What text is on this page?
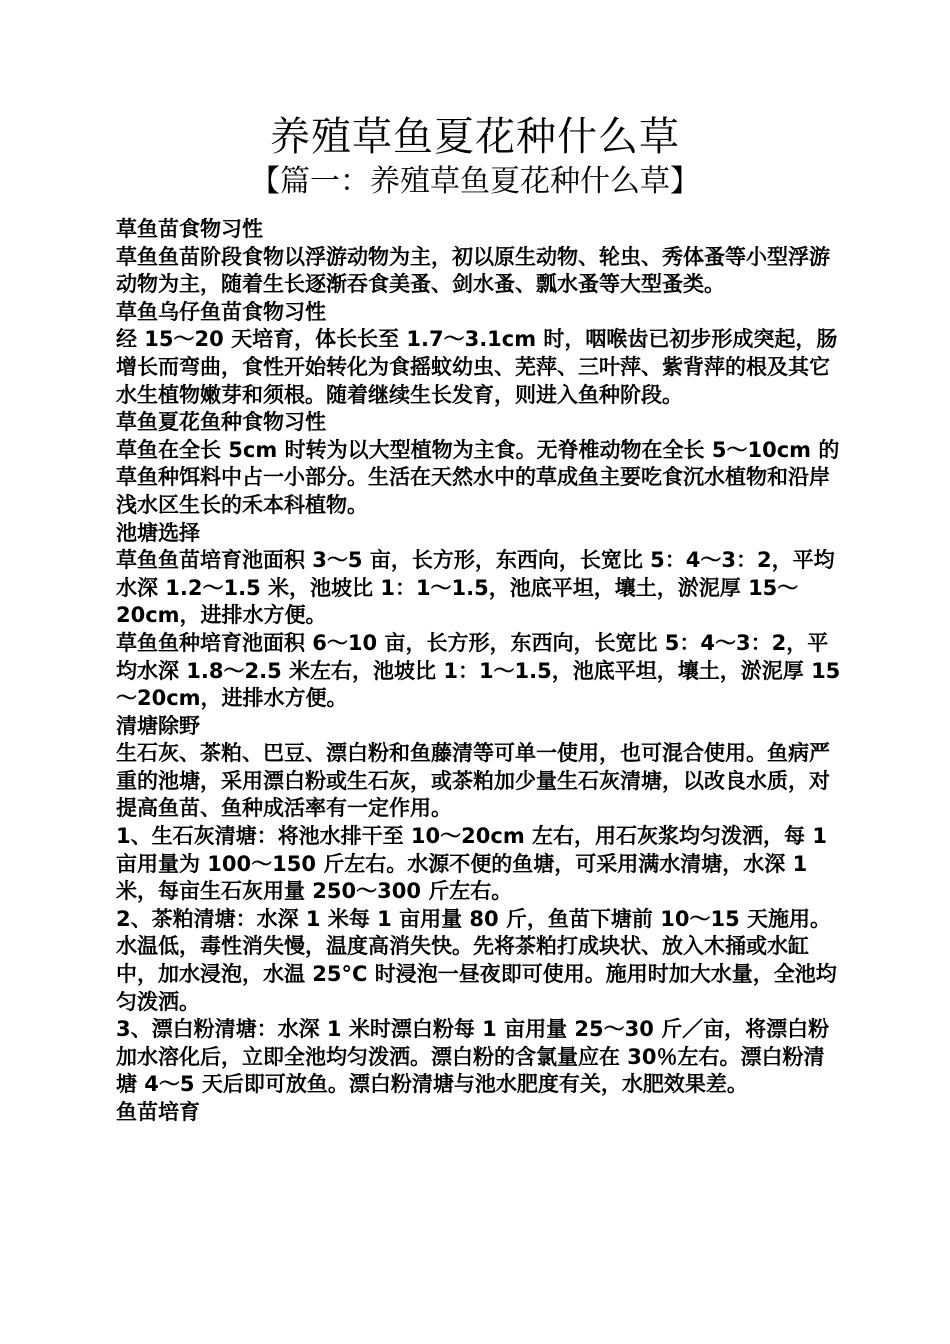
养殖草鱼夏花种什么草
【篇一：养殖草鱼夏花种什么草】

草鱼苗食物习性

草鱼鱼苗阶段食物以浮游动物为主，初以原生动物、轮虫、秀体蚤等小型浮游动物为主，随着生长逐渐吞食美蚤、剑水蚤、瓢水蚤等大型蚤类。

草鱼乌仔鱼苗食物习性

经 15～20 天培育，体长长至 1.7～3.1cm 时，咽喉齿已初步形成突起，肠增长而弯曲，食性开始转化为食摇蚊幼虫、芜萍、三叶萍、紫背萍的根及其它水生植物嫩芽和须根。随着继续生长发育，则进入鱼种阶段。

草鱼夏花鱼种食物习性

草鱼在全长 5cm 时转为以大型植物为主食。无脊椎动物在全长 5～10cm 的草鱼种饵料中占一小部分。生活在天然水中的草成鱼主要吃食沉水植物和沿岸浅水区生长的禾本科植物。

池塘选择

草鱼鱼苗培育池面积 3～5 亩，长方形，东西向，长宽比 5：4～3：2，平均水深 1.2～1.5 米，池坡比 1：1～1.5，池底平坦，壤土，淤泥厚 15～20cm，进排水方便。

草鱼鱼种培育池面积 6～10 亩，长方形，东西向，长宽比 5：4～3：2，平均水深 1.8～2.5 米左右，池坡比 1：1～1.5，池底平坦，壤土，淤泥厚 15～20cm，进排水方便。

清塘除野

生石灰、茶粕、巴豆、漂白粉和鱼藤清等可单一使用，也可混合使用。鱼病严重的池塘，采用漂白粉或生石灰，或茶粕加少量生石灰清塘，以改良水质，对提高鱼苗、鱼种成活率有一定作用。

1、生石灰清塘：将池水排干至 10～20cm 左右，用石灰浆均匀泼洒，每 1 亩用量为 100～150 斤左右。水源不便的鱼塘，可采用满水清塘，水深 1 米，每亩生石灰用量 250～300 斤左右。

2、茶粕清塘：水深 1 米每 1 亩用量 80 斤，鱼苗下塘前 10～15 天施用。水温低，毒性消失慢，温度高消失快。先将茶粕打成块状、放入木捅或水缸中，加水浸泡，水温 25°C 时浸泡一昼夜即可使用。施用时加大水量，全池均匀泼洒。

3、漂白粉清塘：水深 1 米时漂白粉每 1 亩用量 25～30 斤／亩，将漂白粉加水溶化后，立即全池均匀泼洒。漂白粉的含氯量应在 30％左右。漂白粉清塘 4～5 天后即可放鱼。漂白粉清塘与池水肥度有关，水肥效果差。

鱼苗培育
